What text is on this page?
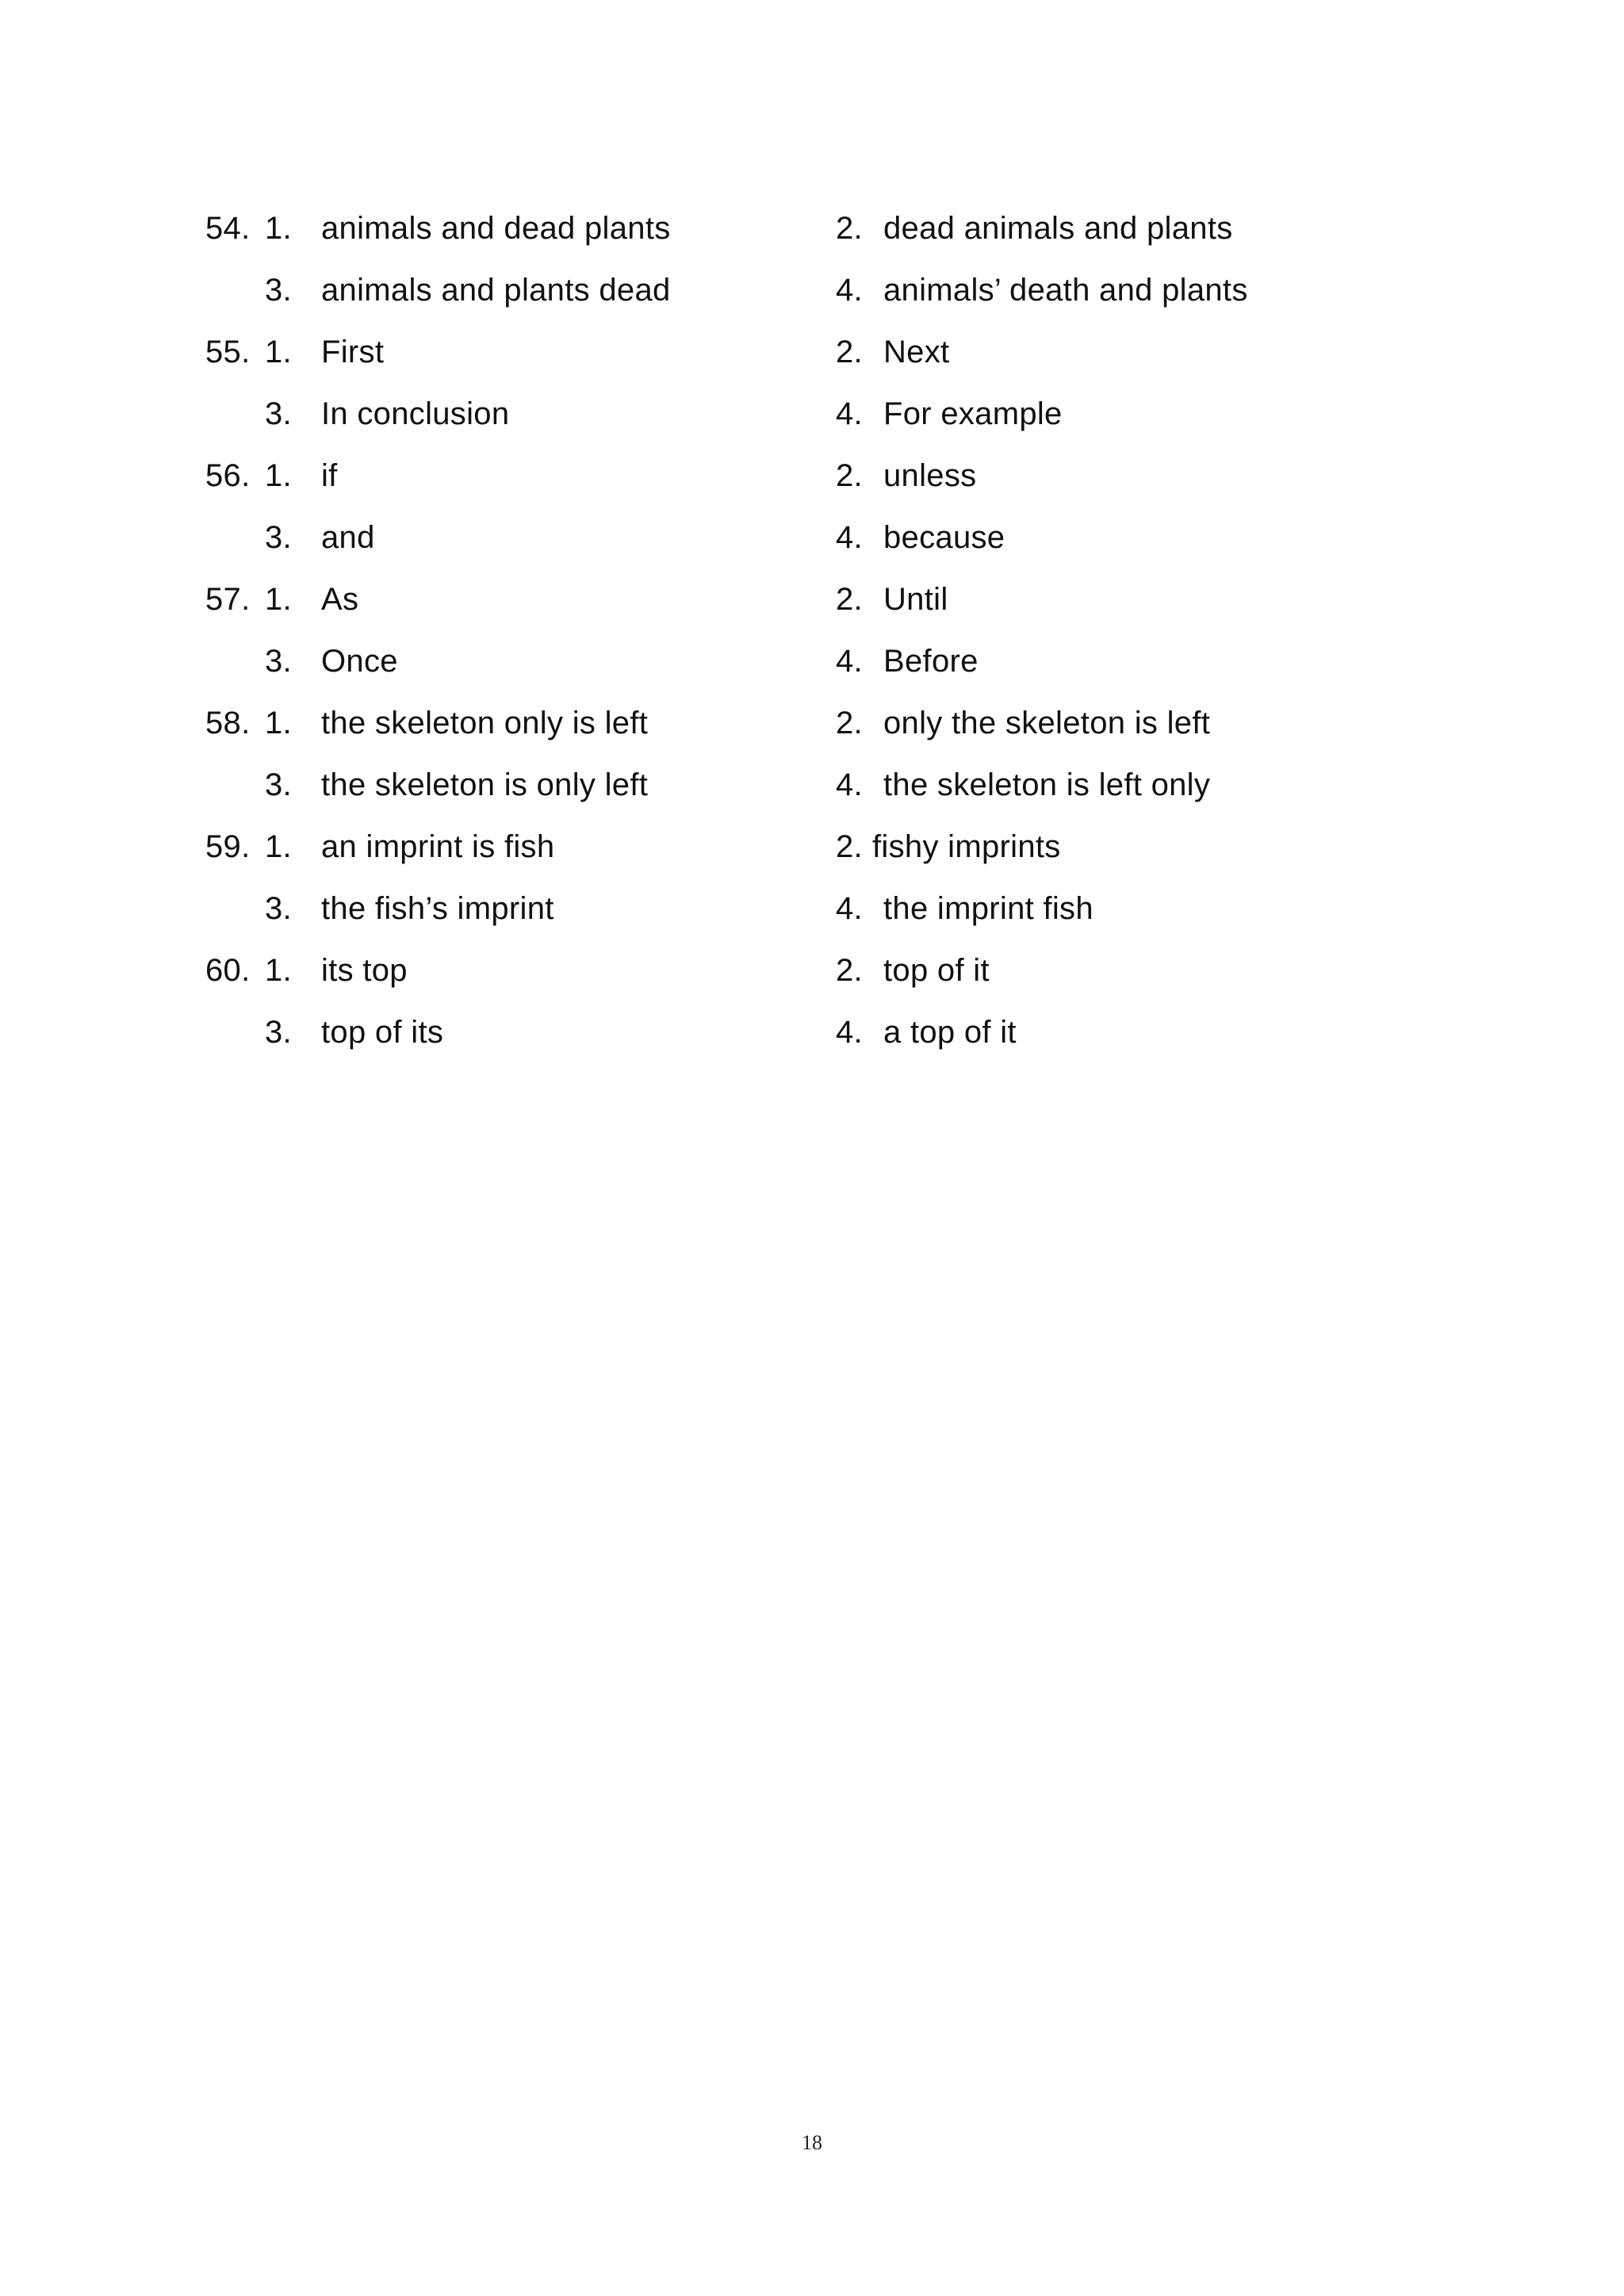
54. 1. animals and dead plants	2. dead animals and plants
3. animals and plants dead	4. animals’ death and plants
55. 1. First	2. Next
3. In conclusion	4. For example
56. 1. if	2. unless
3. and	4. because
57. 1. As	2. Until
3. Once	4. Before
58. 1. the skeleton only is left	2. only the skeleton is left
3. the skeleton is only left	4. the skeleton is left only
59. 1. an imprint is fish	2. fishy imprints
3. the fish’s imprint	4. the imprint fish
60. 1. its top	2. top of it
3. top of its	4. a top of it
18
